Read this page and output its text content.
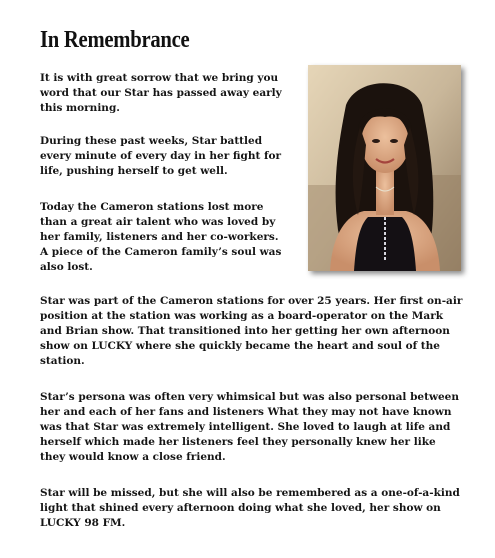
In Remembrance

It is with great sorrow that we bring you
word that our Star has passed away early
this morning.

During these past weeks, Star battled
every minute of every day in her fight for
life, pushing herself to get well.

Today the Cameron stations lost more
than a great air talent who was loved by
her family, listeners and her co-workers.
A piece of the Cameron family’s soul was
also lost.

Star was part of the Cameron stations for over 25 years. Her first on-air
position at the station was working as a board-operator on the Mark
and Brian show. That transitioned into her getting her own afternoon
show on LUCKY where she quickly became the heart and soul of the
station.

Star’s persona was often very whimsical but was also personal between
her and each of her fans and listeners What they may not have known
was that Star was extremely intelligent. She loved to laugh at life and
herself which made her listeners feel they personally knew her like
they would know a close friend.

Star will be missed, but she will also be remembered as a one-of-a-kind
light that shined every afternoon doing what she loved, her show on
LUCKY 98 FM.
